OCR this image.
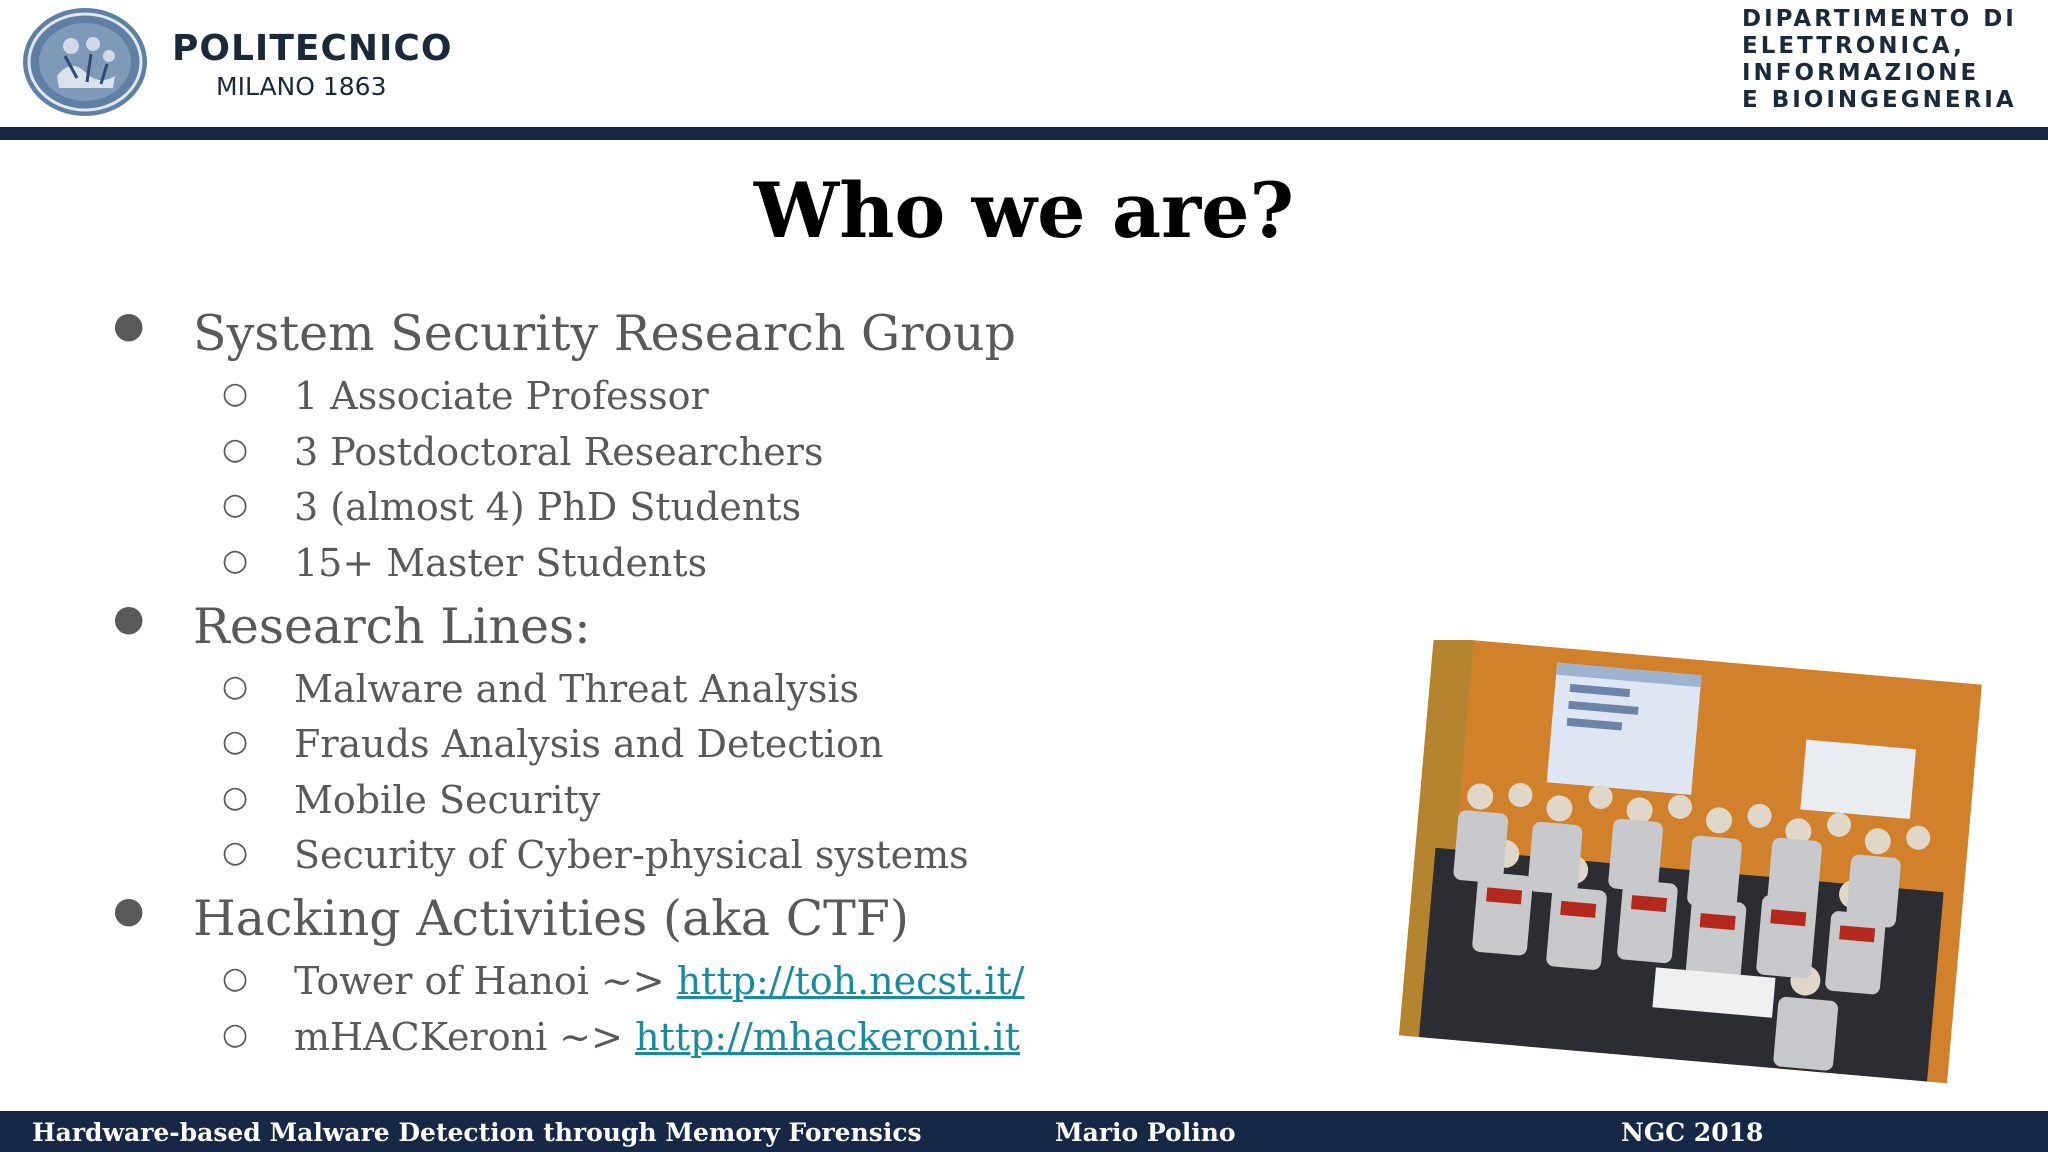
POLITECNICO
MILANO 1863
DIPARTIMENTO DI
ELETTRONICA,
INFORMAZIONE
E BIOINGEGNERIA
Who we are?
● System Security Research Group
○ 1 Associate Professor
○ 3 Postdoctoral Researchers
○ 3 (almost 4) PhD Students
○ 15+ Master Students
● Research Lines:
○ Malware and Threat Analysis
○ Frauds Analysis and Detection
○ Mobile Security
○ Security of Cyber-physical systems
● Hacking Activities (aka CTF)
○ Tower of Hanoi ~> http://toh.necst.it/
○ mHACKeroni ~> http://mhackeroni.it
Hardware-based Malware Detection through Memory Forensics	Mario Polino	NGC 2018
